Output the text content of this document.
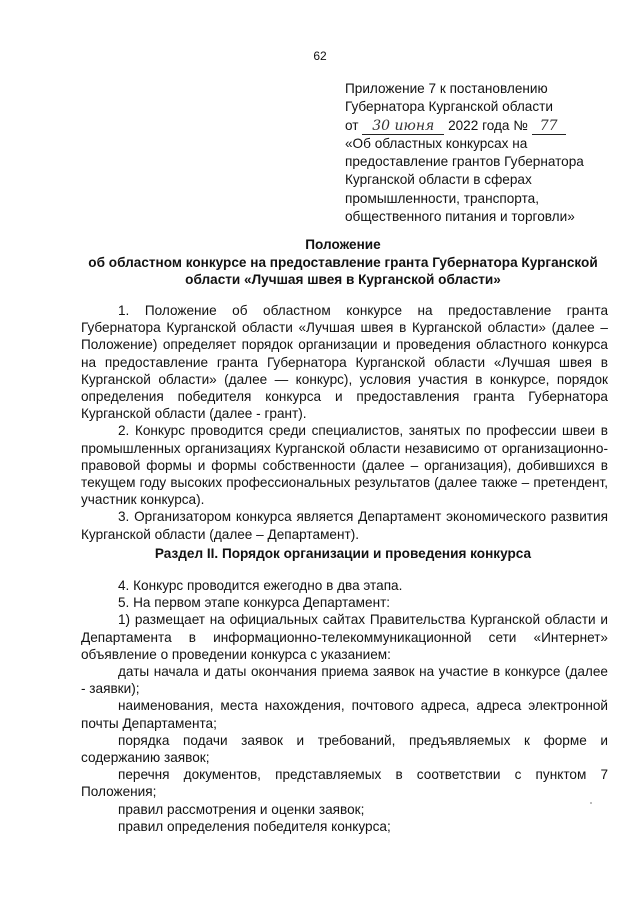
62
Приложение 7 к постановлению
Губернатора Курганской области
от 30 июня 2022 года № 77
«Об областных конкурсах на
предоставление грантов Губернатора
Курганской области в сферах
промышленности, транспорта,
общественного питания и торговли»
Положение
об областном конкурсе на предоставление гранта Губернатора Курганской
области «Лучшая швея в Курганской области»

1. Положение об областном конкурсе на предоставление гранта Губернатора Курганской области «Лучшая швея в Курганской области» (далее – Положение) определяет порядок организации и проведения областного конкурса на предоставление гранта Губернатора Курганской области «Лучшая швея в Курганской области» (далее — конкурс), условия участия в конкурсе, порядок определения победителя конкурса и предоставления гранта Губернатора Курганской области (далее - грант).

2. Конкурс проводится среди специалистов, занятых по профессии швеи в промышленных организациях Курганской области независимо от организационно-правовой формы и формы собственности (далее – организация), добившихся в текущем году высоких профессиональных результатов (далее также – претендент, участник конкурса).

3. Организатором конкурса является Департамент экономического развития Курганской области (далее – Департамент).

Раздел II. Порядок организации и проведения конкурса

4. Конкурс проводится ежегодно в два этапа.

5. На первом этапе конкурса Департамент:

1) размещает на официальных сайтах Правительства Курганской области и Департамента в информационно-телекоммуникационной сети «Интернет» объявление о проведении конкурса с указанием:

даты начала и даты окончания приема заявок на участие в конкурсе (далее - заявки);

наименования, места нахождения, почтового адреса, адреса электронной почты Департамента;

порядка подачи заявок и требований, предъявляемых к форме и содержанию заявок;

перечня документов, представляемых в соответствии с пунктом 7 Положения;

правил рассмотрения и оценки заявок;

правил определения победителя конкурса;
